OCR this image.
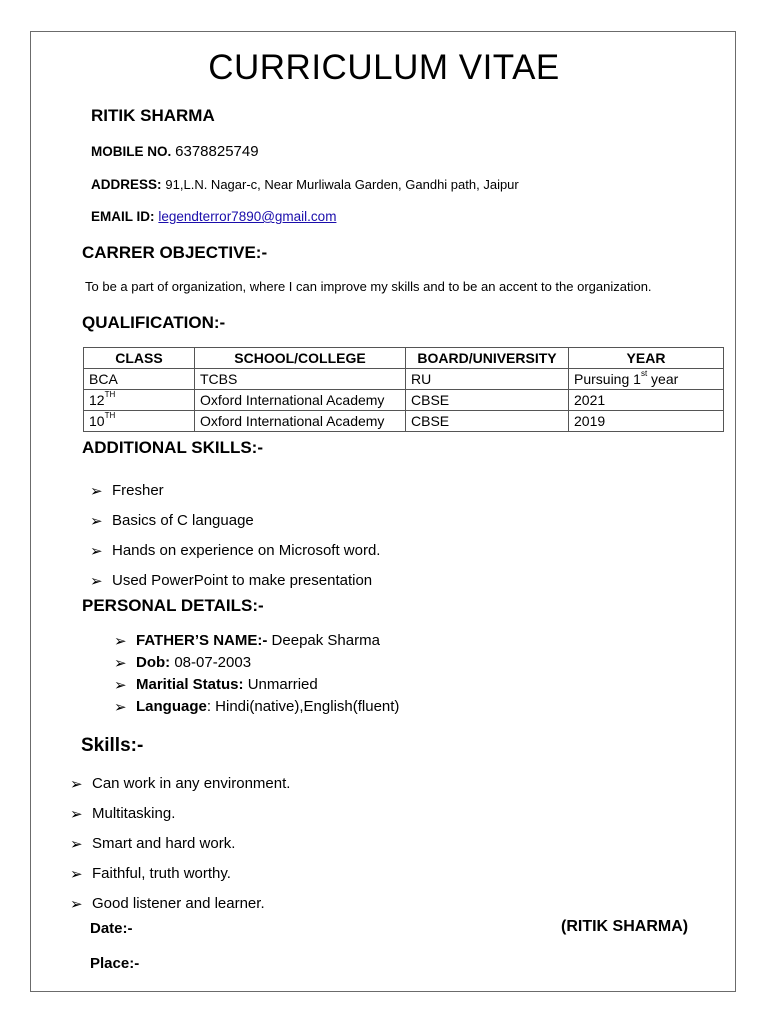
CURRICULUM VITAE
RITIK SHARMA
MOBILE NO. 6378825749
ADDRESS: 91,L.N. Nagar-c, Near Murliwala Garden, Gandhi path, Jaipur
EMAIL ID: legendterror7890@gmail.com
CARRER OBJECTIVE:-
To be a part of organization, where I can improve my skills and to be an accent to the organization.
QUALIFICATION:-
CLASS	SCHOOL/COLLEGE	BOARD/UNIVERSITY	YEAR
BCA	TCBS	RU	Pursuing 1st year
12TH	Oxford International Academy	CBSE	2021
10TH	Oxford International Academy	CBSE	2019
ADDITIONAL SKILLS:-
➢ Fresher
➢ Basics of C language
➢ Hands on experience on Microsoft word.
➢ Used PowerPoint to make presentation
PERSONAL DETAILS:-
➢ FATHER’S NAME:- Deepak Sharma
➢ Dob: 08-07-2003
➢ Maritial Status: Unmarried
➢ Language: Hindi(native),English(fluent)
Skills:-
➢ Can work in any environment.
➢ Multitasking.
➢ Smart and hard work.
➢ Faithful, truth worthy.
➢ Good listener and learner.
Date:-	(RITIK SHARMA)
Place:-
